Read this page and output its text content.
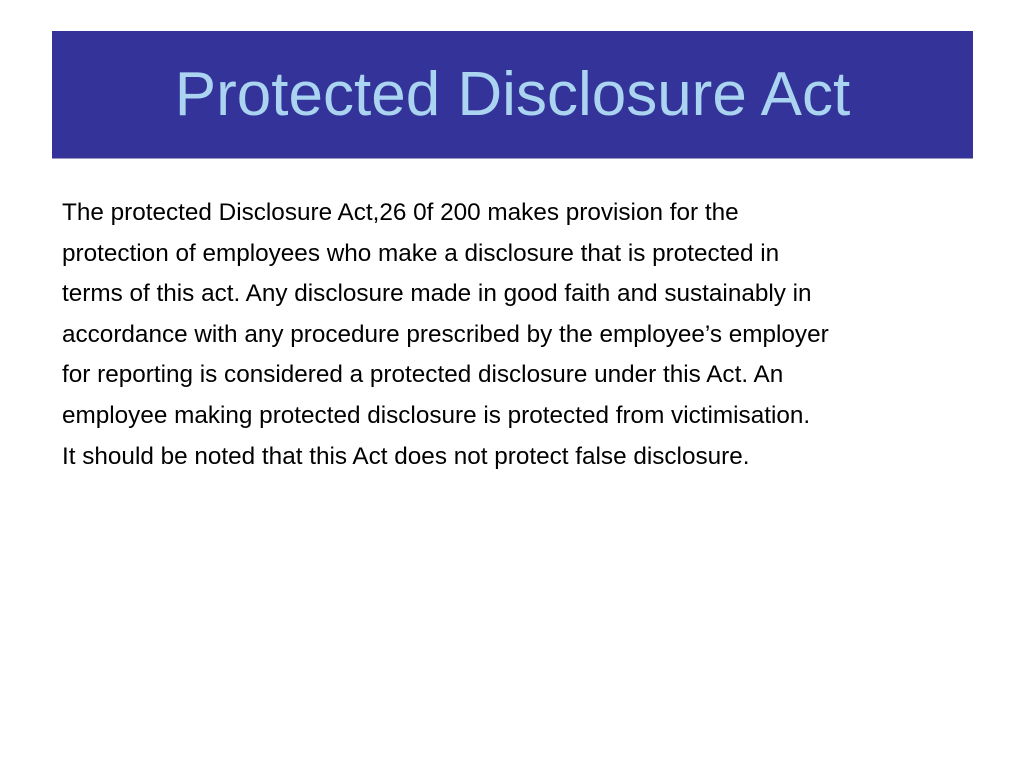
Protected Disclosure Act
The protected Disclosure Act,26 0f 200 makes provision for the
protection of employees who make a disclosure that is protected in
terms of this act. Any disclosure made in good faith and sustainably in
accordance with any procedure prescribed by the employee’s employer
for reporting is considered a protected disclosure under this Act. An
employee making protected disclosure is protected from victimisation.
It should be noted that this Act does not protect false disclosure.
